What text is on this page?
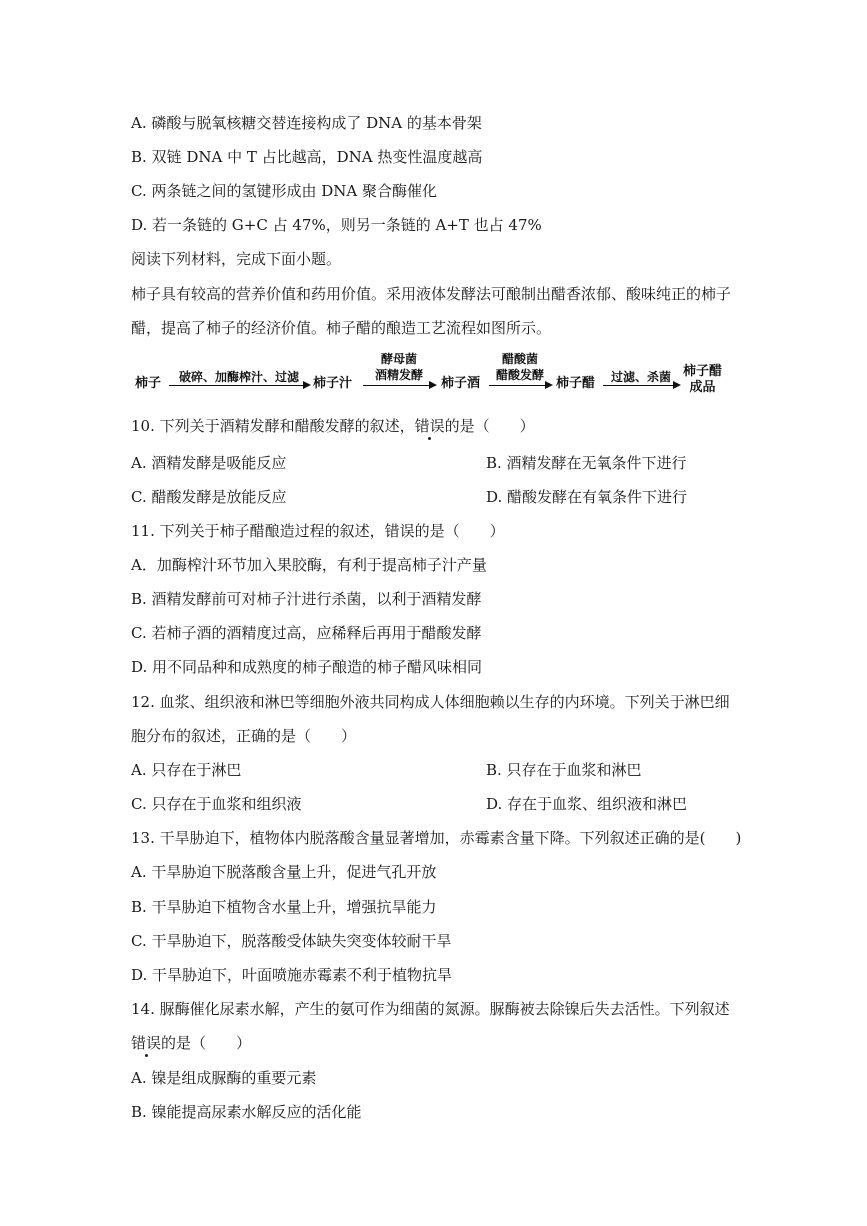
A. 磷酸与脱氧核糖交替连接构成了 DNA 的基本骨架
B. 双链 DNA 中 T 占比越高，DNA 热变性温度越高
C. 两条链之间的氢键形成由 DNA 聚合酶催化
D. 若一条链的 G+C 占 47%，则另一条链的 A+T 也占 47%
阅读下列材料，完成下面小题。
柿子具有较高的营养价值和药用价值。采用液体发酵法可酿制出醋香浓郁、酸味纯正的柿子
醋，提高了柿子的经济价值。柿子醋的酿造工艺流程如图所示。
柿子	破碎、加酶榨汁、过滤	柿子汁
酵母菌
酒精发酵
柿子酒
醋酸菌
醋酸发酵
柿子醋	过滤、杀菌 柿子醋
成品
10. 下列关于酒精发酵和醋酸发酵的叙述，错误的是（　　）
A. 酒精发酵是吸能反应	B. 酒精发酵在无氧条件下进行
C. 醋酸发酵是放能反应	D. 醋酸发酵在有氧条件下进行
11. 下列关于柿子醋酿造过程的叙述，错误的是（　　）
A．加酶榨汁环节加入果胶酶，有利于提高柿子汁产量
B. 酒精发酵前可对柿子汁进行杀菌，以利于酒精发酵
C. 若柿子酒的酒精度过高，应稀释后再用于醋酸发酵
D. 用不同品种和成熟度的柿子酿造的柿子醋风味相同
12. 血浆、组织液和淋巴等细胞外液共同构成人体细胞赖以生存的内环境。下列关于淋巴细
胞分布的叙述，正确的是（　　）
A. 只存在于淋巴	B. 只存在于血浆和淋巴
C. 只存在于血浆和组织液	D. 存在于血浆、组织液和淋巴
13. 干旱胁迫下，植物体内脱落酸含量显著增加，赤霉素含量下降。下列叙述正确的是(　　)
A. 干旱胁迫下脱落酸含量上升，促进气孔开放
B. 干旱胁迫下植物含水量上升，增强抗旱能力
C. 干旱胁迫下，脱落酸受体缺失突变体较耐干旱
D. 干旱胁迫下，叶面喷施赤霉素不利于植物抗旱
14. 脲酶催化尿素水解，产生的氨可作为细菌的氮源。脲酶被去除镍后失去活性。下列叙述
错误的是（　　）
A. 镍是组成脲酶的重要元素
B. 镍能提高尿素水解反应的活化能
